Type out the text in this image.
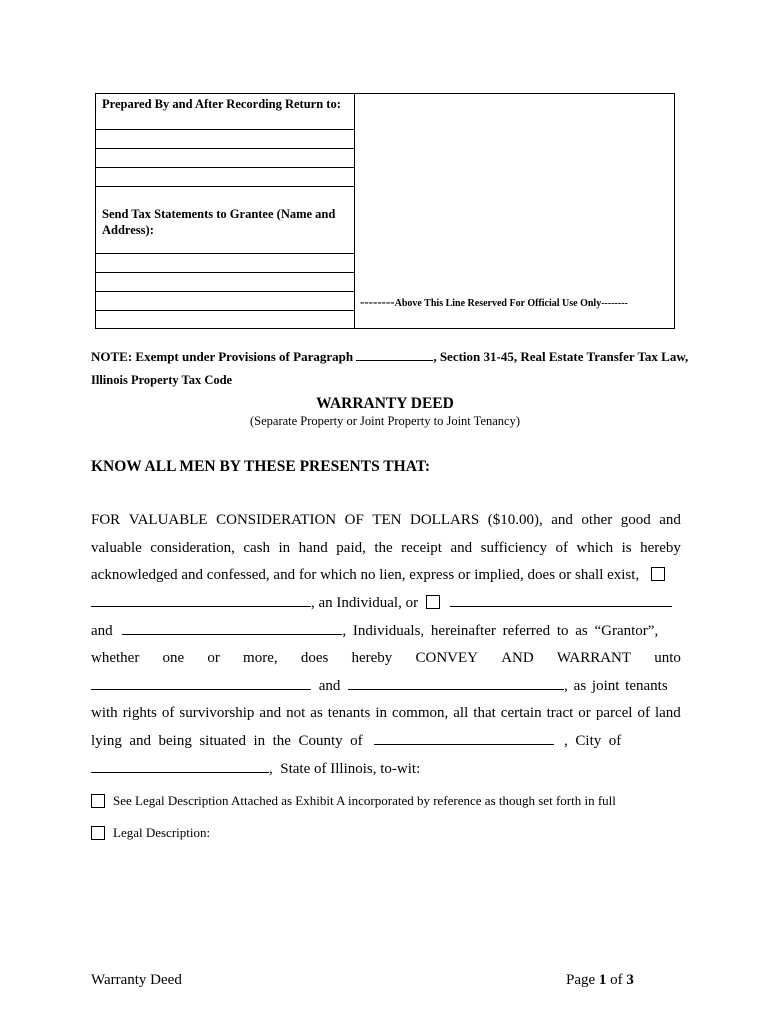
Prepared By and After Recording Return to:
Send Tax Statements to Grantee (Name and
Address):
--------Above This Line Reserved For Official Use Only--------
NOTE: Exempt under Provisions of Paragraph	, Section 31-45, Real Estate Transfer Tax Law,
Illinois Property Tax Code
WARRANTY DEED
(Separate Property or Joint Property to Joint Tenancy)
KNOW ALL MEN BY THESE PRESENTS THAT:
FOR VALUABLE CONSIDERATION OF TEN DOLLARS ($10.00), and other good and
valuable consideration, cash in hand paid, the receipt and sufficiency of which is hereby
acknowledged and confessed, and for which no lien, express or implied, does or shall exist,
, an Individual, or
and	, Individuals, hereinafter referred to as “Grantor”,
whether one or more, does hereby CONVEY AND WARRANT unto
and	, as joint tenants
with rights of survivorship and not as tenants in common, all that certain tract or parcel of land
lying  and  being  situated  in  the  County  of	,  City  of
,  State of Illinois, to-wit:
See Legal Description Attached as Exhibit A incorporated by reference as though set forth in full
Legal Description:
Warranty Deed	Page 1 of 3
